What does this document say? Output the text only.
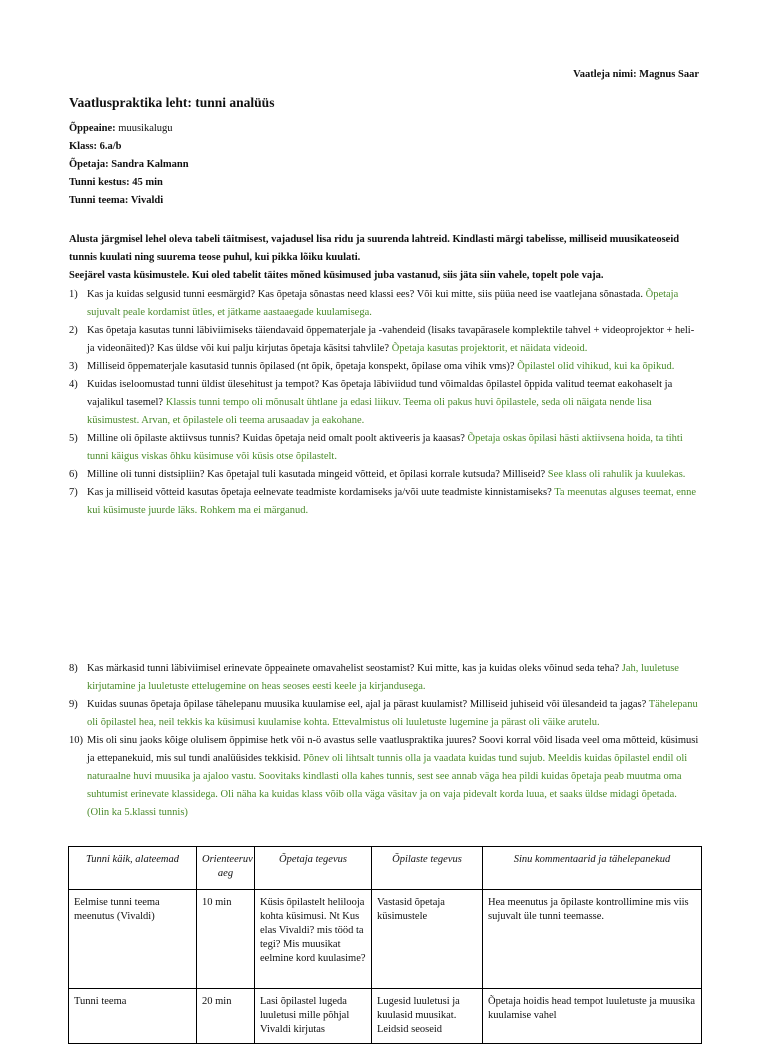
Vaatleja nimi: Magnus Saar
Vaatluspraktika leht: tunni analüüs
Õppeaine: muusikalugu
Klass: 6.a/b
Õpetaja: Sandra Kalmann
Tunni kestus: 45 min
Tunni teema: Vivaldi

Alusta järgmisel lehel oleva tabeli täitmisest, vajadusel lisa ridu ja suurenda lahtreid. Kindlasti märgi tabelisse, milliseid muusikateoseid tunnis kuulati ning suurema teose puhul, kui pikka lõiku kuulati.

Seejärel vasta küsimustele. Kui oled tabelit täites mõned küsimused juba vastanud, siis jäta siin vahele, topelt pole vaja.

1) Kas ja kuidas selgusid tunni eesmärgid? Kas õpetaja sõnastas need klassi ees? Või kui mitte, siis püüa need ise vaatlejana sõnastada. Õpetaja sujuvalt peale kordamist ütles, et jätkame aastaaegade kuulamisega.
2) Kas õpetaja kasutas tunni läbiviimiseks täiendavaid õppematerjale ja -vahendeid (lisaks tavapärasele komplektile tahvel + videoprojektor + heli- ja videonäited)? Kas üldse või kui palju kirjutas õpetaja käsitsi tahvlile? Õpetaja kasutas projektorit, et näidata videoid.
3) Milliseid õppematerjale kasutasid tunnis õpilased (nt õpik, õpetaja konspekt, õpilase oma vihik vms)? Õpilastel olid vihikud, kui ka õpikud.
4) Kuidas iseloomustad tunni üldist ülesehitust ja tempot? Kas õpetaja läbiviidud tund võimaldas õpilastel õppida valitud teemat eakohaselt ja vajalikul tasemel? Klassis tunni tempo oli mõnusalt ühtlane ja edasi liikuv. Teema oli pakus huvi õpilastele, seda oli näigata nende lisa küsimustest. Arvan, et õpilastele oli teema arusaadav ja eakohane.
5) Milline oli õpilaste aktiivsus tunnis? Kuidas õpetaja neid omalt poolt aktiveeris ja kaasas? Õpetaja oskas õpilasi hästi aktiivsena hoida, ta tihti tunni käigus viskas õhku küsimuse või küsis otse õpilastelt.
6) Milline oli tunni distsipliin? Kas õpetajal tuli kasutada mingeid võtteid, et õpilasi korrale kutsuda? Milliseid? See klass oli rahulik ja kuulekas.
7) Kas ja milliseid võtteid kasutas õpetaja eelnevate teadmiste kordamiseks ja/või uute teadmiste kinnistamiseks? Ta meenutas alguses teemat, enne kui küsimuste juurde läks. Rohkem ma ei märganud.
8) Kas märkasid tunni läbiviimisel erinevate õppeainete omavahelist seostamist? Kui mitte, kas ja kuidas oleks võinud seda teha? Jah, luuletuse kirjutamine ja luuletuste ettelugemine on heas seoses eesti keele ja kirjandusega.
9) Kuidas suunas õpetaja õpilase tähelepanu muusika kuulamise eel, ajal ja pärast kuulamist? Milliseid juhiseid või ülesandeid ta jagas? Tähelepanu oli õpilastel hea, neil tekkis ka küsimusi kuulamise kohta. Ettevalmistus oli luuletuste lugemine ja pärast oli väike arutelu.
10) Mis oli sinu jaoks kõige olulisem õppimise hetk või n-ö avastus selle vaatluspraktika juures? Soovi korral võid lisada veel oma mõtteid, küsimusi ja ettepanekuid, mis sul tundi analüüsides tekkisid. Põnev oli lihtsalt tunnis olla ja vaadata kuidas tund sujub. Meeldis kuidas õpilastel endil oli naturaalne huvi muusika ja ajaloo vastu. Soovitaks kindlasti olla kahes tunnis, sest see annab väga hea pildi kuidas õpetaja peab muutma oma suhtumist erinevate klassidega. Oli näha ka kuidas klass võib olla väga väsitav ja on vaja pidevalt korda luua, et saaks üldse midagi õpetada. (Olin ka 5.klassi tunnis)
Tunni käik, alateemad	Orienteeruv aeg	Õpetaja tegevus	Õpilaste tegevus	Sinu kommentaarid ja tähelepanekud
Eelmise tunni teema meenutus (Vivaldi)	10 min	Küsis õpilastelt helilooja kohta küsimusi. Nt Kus elas Vivaldi? mis tööd ta tegi? Mis muusikat eelmine kord kuulasime?	Vastasid õpetaja küsimustele	Hea meenutus ja õpilaste kontrollimine mis viis sujuvalt üle tunni teemasse.
Tunni teema	20 min	Lasi õpilastel lugeda luuletusi mille põhjal Vivaldi kirjutas	Lugesid luuletusi ja kuulasid muusikat. Leidsid seoseid	Õpetaja hoidis head tempot luuletuste ja muusika kuulamise vahel
